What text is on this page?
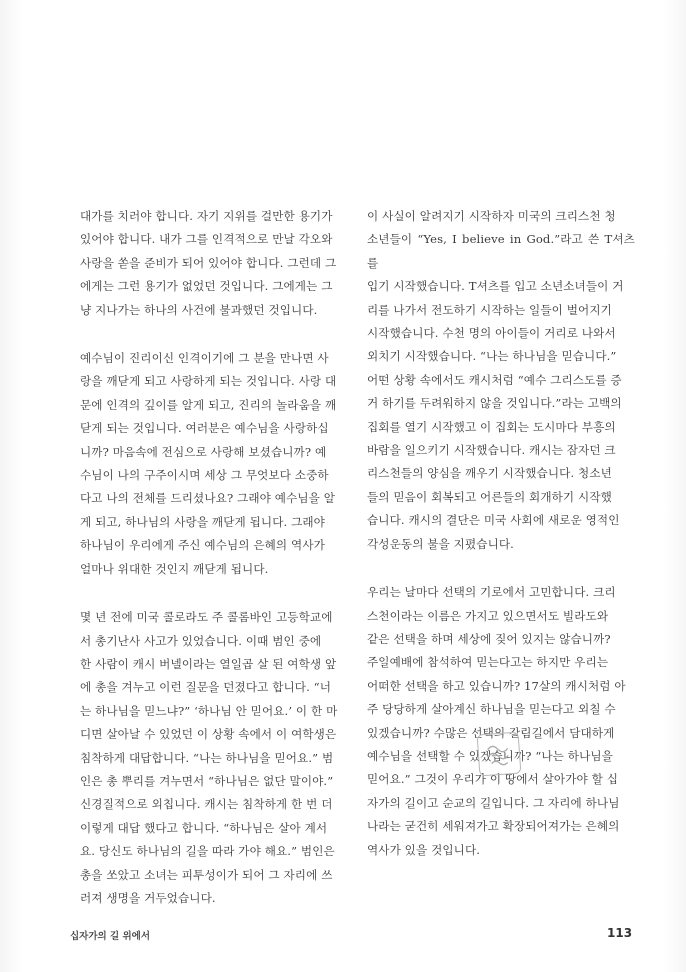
대가를 치러야 합니다. 자기 지위를 걸만한 용기가
있어야 합니다. 내가 그를 인격적으로 만날 각오와
사랑을 쏟을 준비가 되어 있어야 합니다. 그런데 그
에게는 그런 용기가 없었던 것입니다. 그에게는 그
냥 지나가는 하나의 사건에 불과했던 것입니다.

예수님이 진리이신 인격이기에 그 분을 만나면 사
랑을 깨닫게 되고 사랑하게 되는 것입니다. 사랑 대
문에 인격의 깊이를 알게 되고, 진리의 놀라움을 깨
닫게 되는 것입니다. 여러분은 예수님을 사랑하십
니까? 마음속에 전심으로 사랑해 보셨습니까? 예
수님이 나의 구주이시며 세상 그 무엇보다 소중하
다고 나의 전체를 드리셨나요? 그래야 예수님을 알
게 되고, 하나님의 사랑을 깨닫게 됩니다. 그래야
하나님이 우리에게 주신 예수님의 은혜의 역사가
얼마나 위대한 것인지 깨닫게 됩니다.

몇 년 전에 미국 콜로라도 주 콜롬바인 고등학교에
서 총기난사 사고가 있었습니다. 이때 범인 중에
한 사람이 캐시 버넬이라는 열일곱 살 된 여학생 앞
에 총을 겨누고 이런 질문을 던졌다고 합니다. “너
는 하나님을 믿느냐?” ‘하나님 안 믿어요.’ 이 한 마
디면 살아날 수 있었던 이 상황 속에서 이 여학생은
침착하게 대답합니다. “나는 하나님을 믿어요.” 범
인은 총 뿌리를 겨누면서 “하나님은 없단 말이야.”
신경질적으로 외칩니다. 캐시는 침착하게 한 번 더
이렇게 대답 했다고 합니다. “하나님은 살아 계서
요. 당신도 하나님의 길을 따라 가야 해요.” 범인은
총을 쏘았고 소녀는 피투성이가 되어 그 자리에 쓰
러져 생명을 거두었습니다.

이 사실이 알려지기 시작하자 미국의 크리스천 청
소년들이 “Yes, I believe in God.”라고 쓴 T셔츠를
입기 시작했습니다. T셔츠를 입고 소년소녀들이 거
리를 나가서 전도하기 시작하는 일들이 벌어지기
시작했습니다. 수천 명의 아이들이 거리로 나와서
외치기 시작했습니다. “나는 하나님을 믿습니다.”
어떤 상황 속에서도 캐시처럼 “예수 그리스도를 증
거 하기를 두려워하지 않을 것입니다.”라는 고백의
집회를 열기 시작했고 이 집회는 도시마다 부흥의
바람을 일으키기 시작했습니다. 캐시는 잠자던 크
리스천들의 양심을 깨우기 시작했습니다. 청소년
들의 믿음이 회복되고 어른들의 회개하기 시작했
습니다. 캐시의 결단은 미국 사회에 새로운 영적인
각성운동의 불을 지폈습니다.

우리는 날마다 선택의 기로에서 고민합니다. 크리
스천이라는 이름은 가지고 있으면서도 빌라도와
같은 선택을 하며 세상에 짖어 있지는 않습니까?
주일예배에 참석하여 믿는다고는 하지만 우리는
어떠한 선택을 하고 있습니까? 17살의 캐시처럼 아
주 당당하게 살아계신 하나님을 믿는다고 외칠 수
있겠습니까? 수많은 선택의 갈림길에서 담대하게
예수님을 선택할 수 있겠습니까? “나는 하나님을
믿어요.” 그것이 우리가 이 땅에서 살아가야 할 십
자가의 길이고 순교의 길입니다. 그 자리에 하나님
나라는 굳건히 세워져가고 확장되어져가는 은혜의
역사가 있을 것입니다.

십자가의 길 위에서	113
